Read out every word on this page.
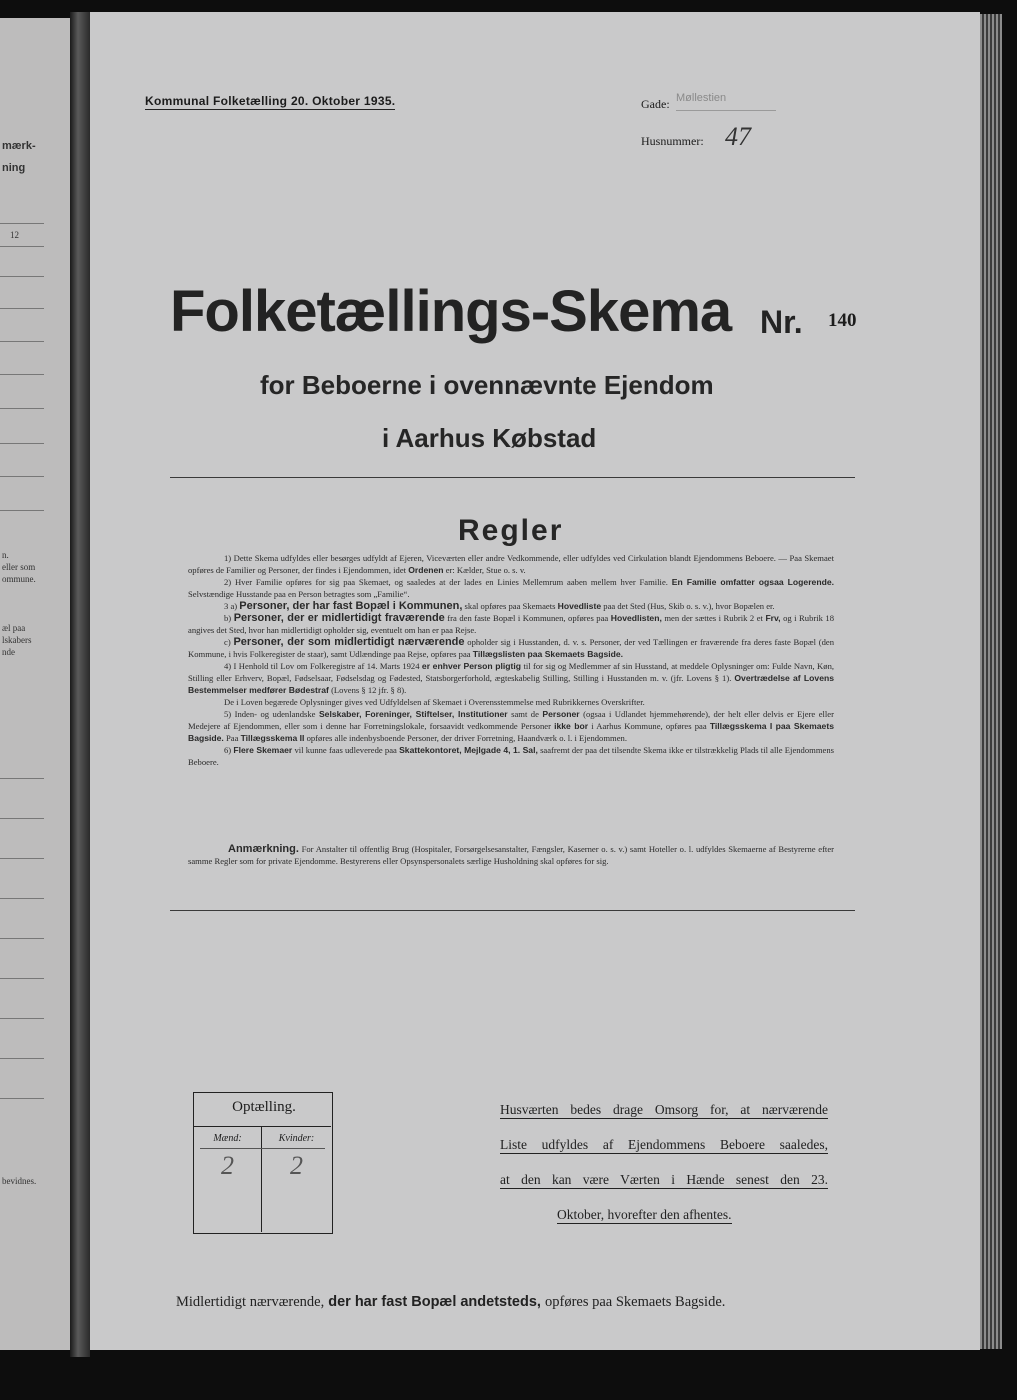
mærk-
ning
12
n.
eller som
ommune.
æl paa
lskabers
nde
bevidnes.
Kommunal Folketælling 20. Oktober 1935.	Gade: Møllestien
Husnummer: 47
Folketællings-Skema Nr. 140
for Beboerne i ovennævnte Ejendom
i Aarhus Købstad
Regler

1) Dette Skema udfyldes eller besørges udfyldt af Ejeren, Viceværten eller andre Vedkommende, eller udfyldes ved Cirkulation blandt Ejendommens Beboere. — Paa Skemaet opføres de Familier og Personer, der findes i Ejendommen, idet Ordenen er: Kælder, Stue o. s. v.

2) Hver Familie opføres for sig paa Skemaet, og saaledes at der lades en Linies Mellemrum aaben mellem hver Familie. En Familie omfatter ogsaa Logerende. Selvstændige Husstande paa en Person betragtes som „Familie“.

3 a) Personer, der har fast Bopæl i Kommunen, skal opføres paa Skemaets Hovedliste paa det Sted (Hus, Skib o. s. v.), hvor Bopælen er.

b) Personer, der er midlertidigt fraværende fra den faste Bopæl i Kommunen, opføres paa Hovedlisten, men der sættes i Rubrik 2 et Frv, og i Rubrik 18 angives det Sted, hvor han midlertidigt opholder sig, eventuelt om han er paa Rejse.

c) Personer, der som midlertidigt nærværende opholder sig i Husstanden, d. v. s. Personer, der ved Tællingen er fraværende fra deres faste Bopæl (den Kommune, i hvis Folkeregister de staar), samt Udlændinge paa Rejse, opføres paa Tillægslisten paa Skemaets Bagside.

4) I Henhold til Lov om Folkeregistre af 14. Marts 1924 er enhver Person pligtig til for sig og Medlemmer af sin Husstand, at meddele Oplysninger om: Fulde Navn, Køn, Stilling eller Erhverv, Bopæl, Fødselsaar, Fødselsdag og Fødested, Statsborgerforhold, ægteskabelig Stilling, Stilling i Husstanden m. v. (jfr. Lovens § 1). Overtrædelse af Lovens Bestemmelser medfører Bødestraf (Lovens § 12 jfr. § 8).

De i Loven begærede Oplysninger gives ved Udfyldelsen af Skemaet i Overensstemmelse med Rubrikkernes Overskrifter.

5) Inden- og udenlandske Selskaber, Foreninger, Stiftelser, Institutioner samt de Personer (ogsaa i Udlandet hjemmehørende), der helt eller delvis er Ejere eller Medejere af Ejendommen, eller som i denne har Forretningslokale, forsaavidt vedkommende Personer ikke bor i Aarhus Kommune, opføres paa Tillægsskema I paa Skemaets Bagside. Paa Tillægsskema II opføres alle indenbysboende Personer, der driver Forretning, Haandværk o. l. i Ejendommen.

6) Flere Skemaer vil kunne faas udleverede paa Skattekontoret, Mejlgade 4, 1. Sal, saafremt der paa det tilsendte Skema ikke er tilstrækkelig Plads til alle Ejendommens Beboere.

Anmærkning. For Anstalter til offentlig Brug (Hospitaler, Forsørgelsesanstalter, Fængsler, Kaserner o. s. v.) samt Hoteller o. l. udfyldes Skemaerne af Bestyrerne efter samme Regler som for private Ejendomme. Bestyrerens eller Opsynspersonalets særlige Husholdning skal opføres for sig.
Optælling.
Mænd:	Kvinder:
2	2
Husværten bedes drage Omsorg for, at nærværende
Liste udfyldes af Ejendommens Beboere saaledes,
at den kan være Værten i Hænde senest den 23.
Oktober, hvorefter den afhentes.
Midlertidigt nærværende, der har fast Bopæl andetsteds, opføres paa Skemaets Bagside.
